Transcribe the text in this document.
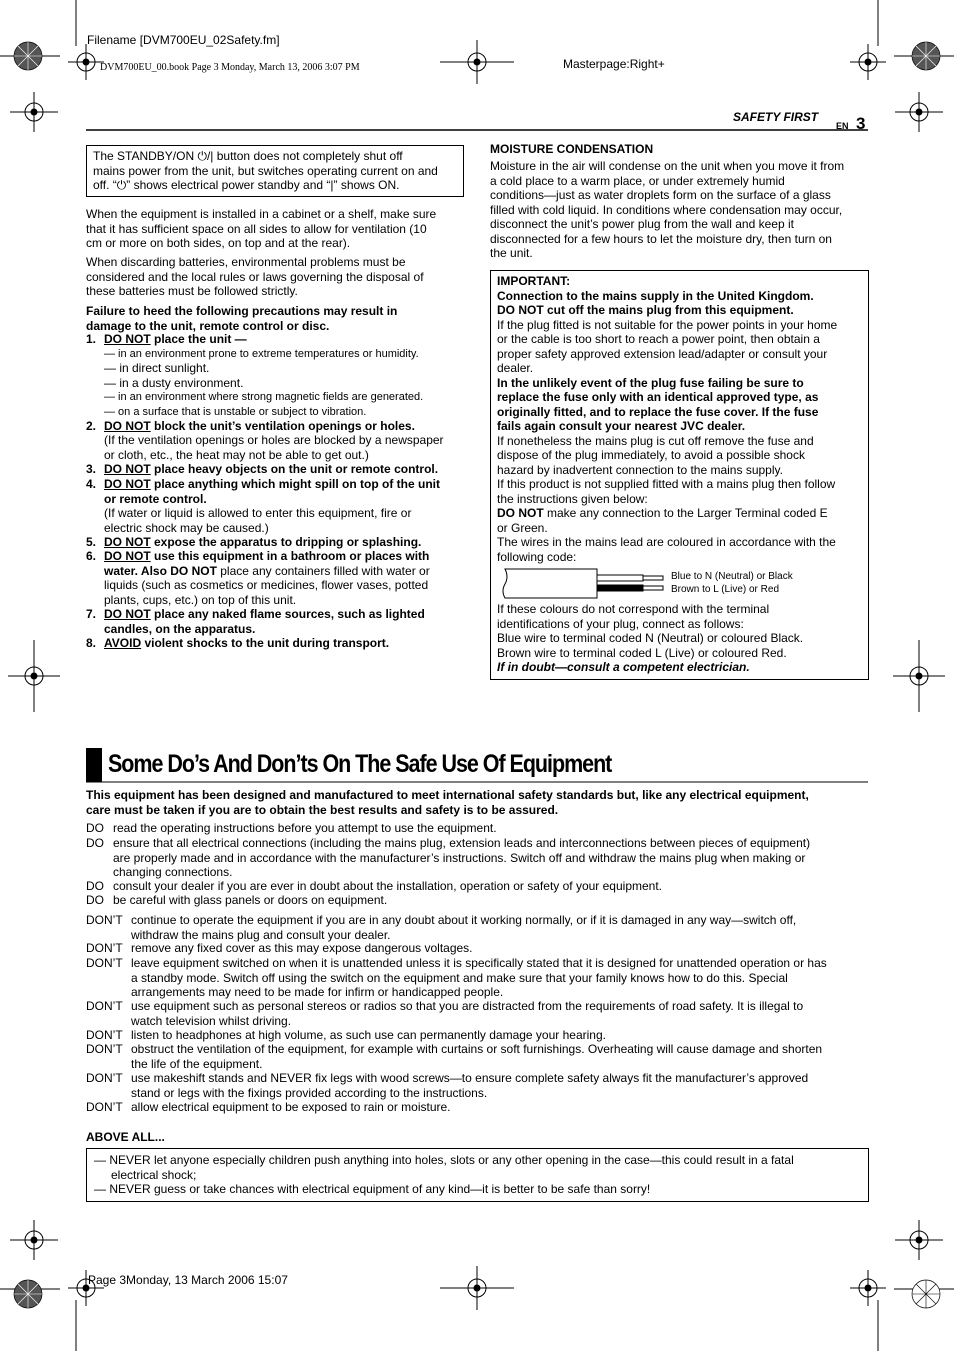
Filename [DVM700EU_02Safety.fm]
DVM700EU_00.book Page 3 Monday, March 13, 2006 3:07 PM	Masterpage:Right+
SAFETY FIRST
EN 3
The STANDBY/ON ⏻/| button does not completely shut off
mains power from the unit, but switches operating current on and
off. “⏻” shows electrical power standby and “|” shows ON.
When the equipment is installed in a cabinet or a shelf, make sure
that it has sufficient space on all sides to allow for ventilation (10
cm or more on both sides, on top and at the rear).
When discarding batteries, environmental problems must be
considered and the local rules or laws governing the disposal of
these batteries must be followed strictly.
Failure to heed the following precautions may result in
damage to the unit, remote control or disc.
1. DO NOT place the unit —
— in an environment prone to extreme temperatures or humidity.
— in direct sunlight.
— in a dusty environment.
— in an environment where strong magnetic fields are generated.
— on a surface that is unstable or subject to vibration.
2. DO NOT block the unit’s ventilation openings or holes.
(If the ventilation openings or holes are blocked by a newspaper
or cloth, etc., the heat may not be able to get out.)
3. DO NOT place heavy objects on the unit or remote control.
4. DO NOT place anything which might spill on top of the unit
or remote control.
(If water or liquid is allowed to enter this equipment, fire or
electric shock may be caused.)
5. DO NOT expose the apparatus to dripping or splashing.
6. DO NOT use this equipment in a bathroom or places with
water. Also DO NOT place any containers filled with water or
liquids (such as cosmetics or medicines, flower vases, potted
plants, cups, etc.) on top of this unit.
7. DO NOT place any naked flame sources, such as lighted
candles, on the apparatus.
8. AVOID violent shocks to the unit during transport.
MOISTURE CONDENSATION
Moisture in the air will condense on the unit when you move it from
a cold place to a warm place, or under extremely humid
conditions—just as water droplets form on the surface of a glass
filled with cold liquid. In conditions where condensation may occur,
disconnect the unit’s power plug from the wall and keep it
disconnected for a few hours to let the moisture dry, then turn on
the unit.
IMPORTANT:
Connection to the mains supply in the United Kingdom.
DO NOT cut off the mains plug from this equipment.
If the plug fitted is not suitable for the power points in your home
or the cable is too short to reach a power point, then obtain a
proper safety approved extension lead/adapter or consult your
dealer.
In the unlikely event of the plug fuse failing be sure to
replace the fuse only with an identical approved type, as
originally fitted, and to replace the fuse cover. If the fuse
fails again consult your nearest JVC dealer.
If nonetheless the mains plug is cut off remove the fuse and
dispose of the plug immediately, to avoid a possible shock
hazard by inadvertent connection to the mains supply.
If this product is not supplied fitted with a mains plug then follow
the instructions given below:
DO NOT make any connection to the Larger Terminal coded E
or Green.
The wires in the mains lead are coloured in accordance with the
following code:
Blue to N (Neutral) or Black
Brown to L (Live) or Red
If these colours do not correspond with the terminal
identifications of your plug, connect as follows:
Blue wire to terminal coded N (Neutral) or coloured Black.
Brown wire to terminal coded L (Live) or coloured Red.
If in doubt—consult a competent electrician.
Some Do’s And Don’ts On The Safe Use Of Equipment
This equipment has been designed and manufactured to meet international safety standards but, like any electrical equipment,
care must be taken if you are to obtain the best results and safety is to be assured.
DO read the operating instructions before you attempt to use the equipment.
DO ensure that all electrical connections (including the mains plug, extension leads and interconnections between pieces of equipment)
are properly made and in accordance with the manufacturer’s instructions. Switch off and withdraw the mains plug when making or
changing connections.
DO consult your dealer if you are ever in doubt about the installation, operation or safety of your equipment.
DO be careful with glass panels or doors on equipment.
DON’T continue to operate the equipment if you are in any doubt about it working normally, or if it is damaged in any way—switch off,
withdraw the mains plug and consult your dealer.
DON’T remove any fixed cover as this may expose dangerous voltages.
DON’T leave equipment switched on when it is unattended unless it is specifically stated that it is designed for unattended operation or has
a standby mode. Switch off using the switch on the equipment and make sure that your family knows how to do this. Special
arrangements may need to be made for infirm or handicapped people.
DON’T use equipment such as personal stereos or radios so that you are distracted from the requirements of road safety. It is illegal to
watch television whilst driving.
DON’T listen to headphones at high volume, as such use can permanently damage your hearing.
DON’T obstruct the ventilation of the equipment, for example with curtains or soft furnishings. Overheating will cause damage and shorten
the life of the equipment.
DON’T use makeshift stands and NEVER fix legs with wood screws—to ensure complete safety always fit the manufacturer’s approved
stand or legs with the fixings provided according to the instructions.
DON’T allow electrical equipment to be exposed to rain or moisture.
ABOVE ALL...
— NEVER let anyone especially children push anything into holes, slots or any other opening in the case—this could result in a fatal
electrical shock;
— NEVER guess or take chances with electrical equipment of any kind—it is better to be safe than sorry!
Page 3Monday, 13 March 2006 15:07
